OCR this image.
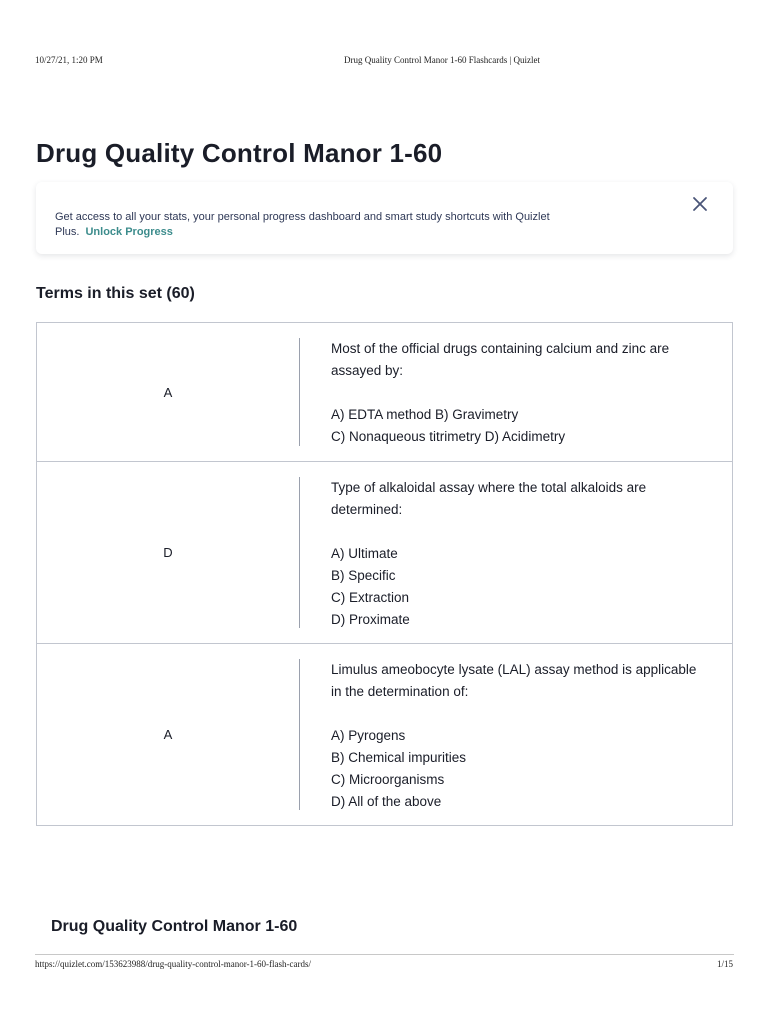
10/27/21, 1:20 PM	Drug Quality Control Manor 1-60 Flashcards | Quizlet
Drug Quality Control Manor 1-60
Get access to all your stats, your personal progress dashboard and smart study shortcuts with Quizlet Plus. Unlock Progress
Terms in this set (60)
A

Most of the official drugs containing calcium and zinc are assayed by:

A) EDTA method B) Gravimetry
C) Nonaqueous titrimetry D) Acidimetry

D

Type of alkaloidal assay where the total alkaloids are determined:

A) Ultimate
B) Specific
C) Extraction
D) Proximate

A

Limulus ameobocyte lysate (LAL) assay method is applicable in the determination of:

A) Pyrogens
B) Chemical impurities
C) Microorganisms
D) All of the above

Drug Quality Control Manor 1-60
https://quizlet.com/153623988/drug-quality-control-manor-1-60-flash-cards/	1/15
